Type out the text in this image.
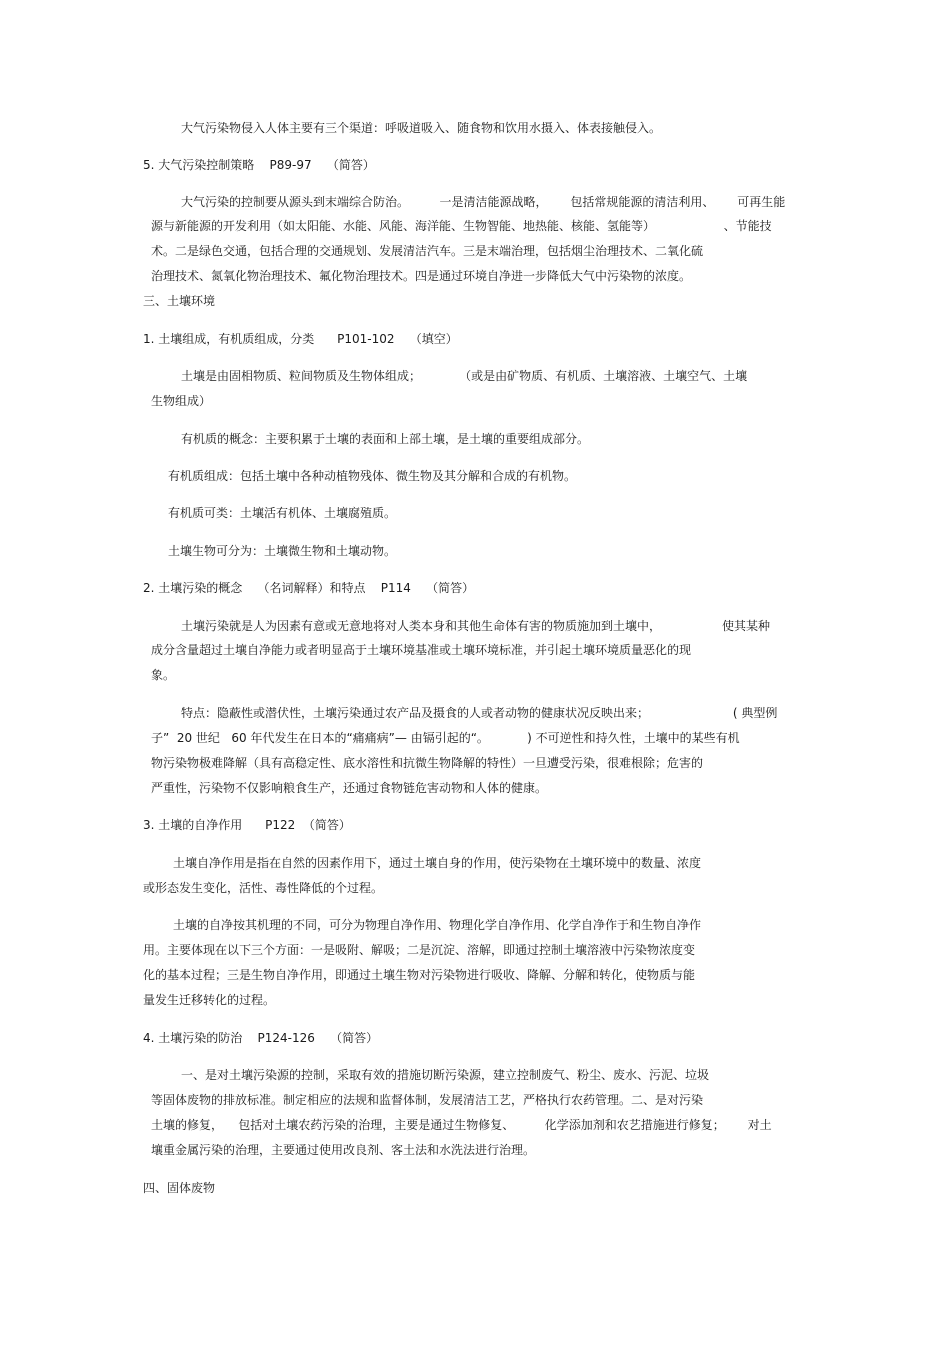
大气污染物侵入人体主要有三个渠道：呼吸道吸入、随食物和饮用水摄入、体表接触侵入。
5. 大气污染控制策略    P89-97    （简答）
大气污染的控制要从源头到末端综合防治。        一是清洁能源战略，      包括常规能源的清洁利用、      可再生能
源与新能源的开发利用（如太阳能、水能、风能、海洋能、生物智能、地热能、核能、氢能等）                  、节能技
术。二是绿色交通，包括合理的交通规划、发展清洁汽车。三是末端治理，包括烟尘治理技术、二氧化硫
治理技术、氮氧化物治理技术、氟化物治理技术。四是通过环境自净进一步降低大气中污染物的浓度。
三、土壤环境
1. 土壤组成，有机质组成，分类      P101-102    （填空）
土壤是由固相物质、粒间物质及生物体组成；          （或是由矿物质、有机质、土壤溶液、土壤空气、土壤
生物组成）
有机质的概念：主要积累于土壤的表面和上部土壤，是土壤的重要组成部分。
有机质组成：包括土壤中各种动植物残体、微生物及其分解和合成的有机物。
有机质可类：土壤活有机体、土壤腐殖质。
土壤生物可分为：土壤微生物和土壤动物。
2. 土壤污染的概念    （名词解释）和特点    P114    （简答）
土壤污染就是人为因素有意或无意地将对人类本身和其他生命体有害的物质施加到土壤中，                使其某种
成分含量超过土壤自净能力或者明显高于土壤环境基准或土壤环境标准，并引起土壤环境质量恶化的现
象。
特点：隐蔽性或潜伏性，土壤污染通过农产品及摄食的人或者动物的健康状况反映出来；                      ( 典型例
子”  20 世纪   60 年代发生在日本的“痛痛病”— 由镉引起的“。          ) 不可逆性和持久性，土壤中的某些有机
物污染物极难降解（具有高稳定性、底水溶性和抗微生物降解的特性）一旦遭受污染，很难根除；危害的
严重性，污染物不仅影响粮食生产，还通过食物链危害动物和人体的健康。
3. 土壤的自净作用      P122  （简答）
土壤自净作用是指在自然的因素作用下，通过土壤自身的作用，使污染物在土壤环境中的数量、浓度
或形态发生变化，活性、毒性降低的个过程。
土壤的自净按其机理的不同，可分为物理自净作用、物理化学自净作用、化学自净作于和生物自净作
用。主要体现在以下三个方面：一是吸附、解吸；二是沉淀、溶解，即通过控制土壤溶液中污染物浓度变
化的基本过程；三是生物自净作用，即通过土壤生物对污染物进行吸收、降解、分解和转化，使物质与能
量发生迁移转化的过程。
4. 土壤污染的防治    P124-126    （简答）
一、是对土壤污染源的控制，采取有效的措施切断污染源，建立控制废气、粉尘、废水、污泥、垃圾
等固体废物的排放标准。制定相应的法规和监督体制，发展清洁工艺，严格执行农药管理。二、是对污染
土壤的修复，    包括对土壤农药污染的治理，主要是通过生物修复、        化学添加剂和农艺措施进行修复；      对土
壤重金属污染的治理，主要通过使用改良剂、客土法和水洗法进行治理。
四、固体废物
